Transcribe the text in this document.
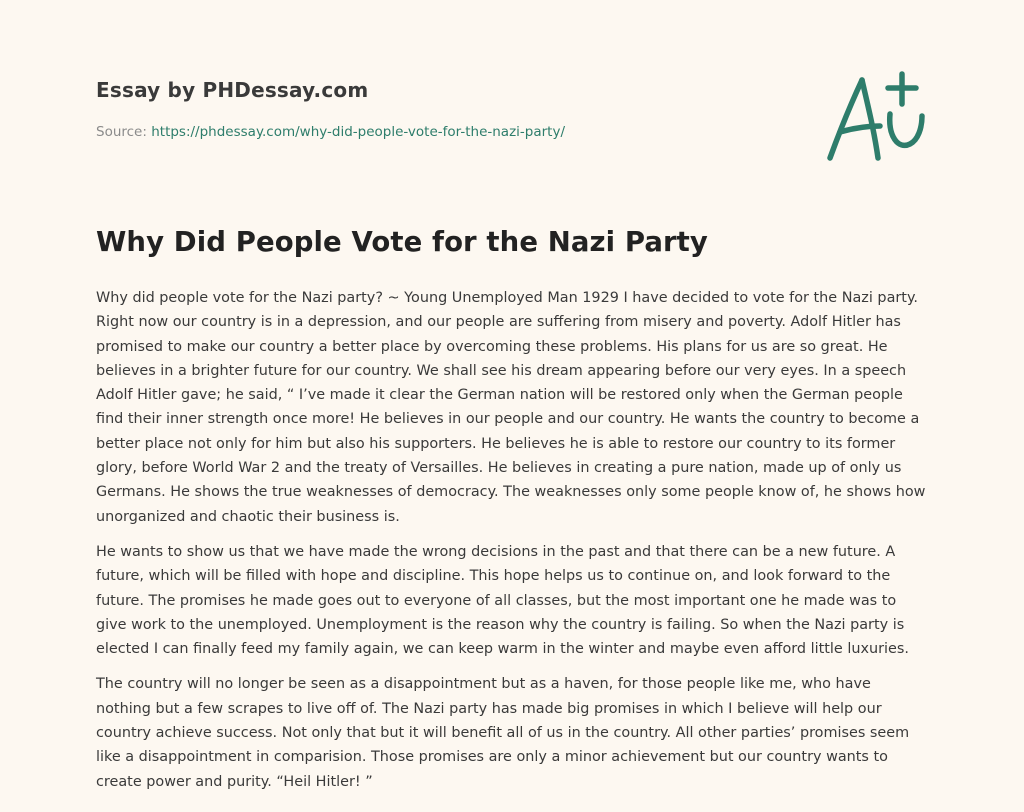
Essay by PHDessay.com

Source: https://phdessay.com/why-did-people-vote-for-the-nazi-party/

Why Did People Vote for the Nazi Party

Why did people vote for the Nazi party? ~ Young Unemployed Man 1929 I have decided to vote for the Nazi party. Right now our country is in a depression, and our people are suffering from misery and poverty. Adolf Hitler has promised to make our country a better place by overcoming these problems. His plans for us are so great. He believes in a brighter future for our country. We shall see his dream appearing before our very eyes. In a speech Adolf Hitler gave; he said, “ I’ve made it clear the German nation will be restored only when the German people find their inner strength once more! He believes in our people and our country. He wants the country to become a better place not only for him but also his supporters. He believes he is able to restore our country to its former glory, before World War 2 and the treaty of Versailles. He believes in creating a pure nation, made up of only us Germans. He shows the true weaknesses of democracy. The weaknesses only some people know of, he shows how unorganized and chaotic their business is.

He wants to show us that we have made the wrong decisions in the past and that there can be a new future. A future, which will be filled with hope and discipline. This hope helps us to continue on, and look forward to the future. The promises he made goes out to everyone of all classes, but the most important one he made was to give work to the unemployed. Unemployment is the reason why the country is failing. So when the Nazi party is elected I can finally feed my family again, we can keep warm in the winter and maybe even afford little luxuries.

The country will no longer be seen as a disappointment but as a haven, for those people like me, who have nothing but a few scrapes to live off of. The Nazi party has made big promises in which I believe will help our country achieve success. Not only that but it will benefit all of us in the country. All other parties’ promises seem like a disappointment in comparision. Those promises are only a minor achievement but our country wants to create power and purity. “Heil Hitler! ”
